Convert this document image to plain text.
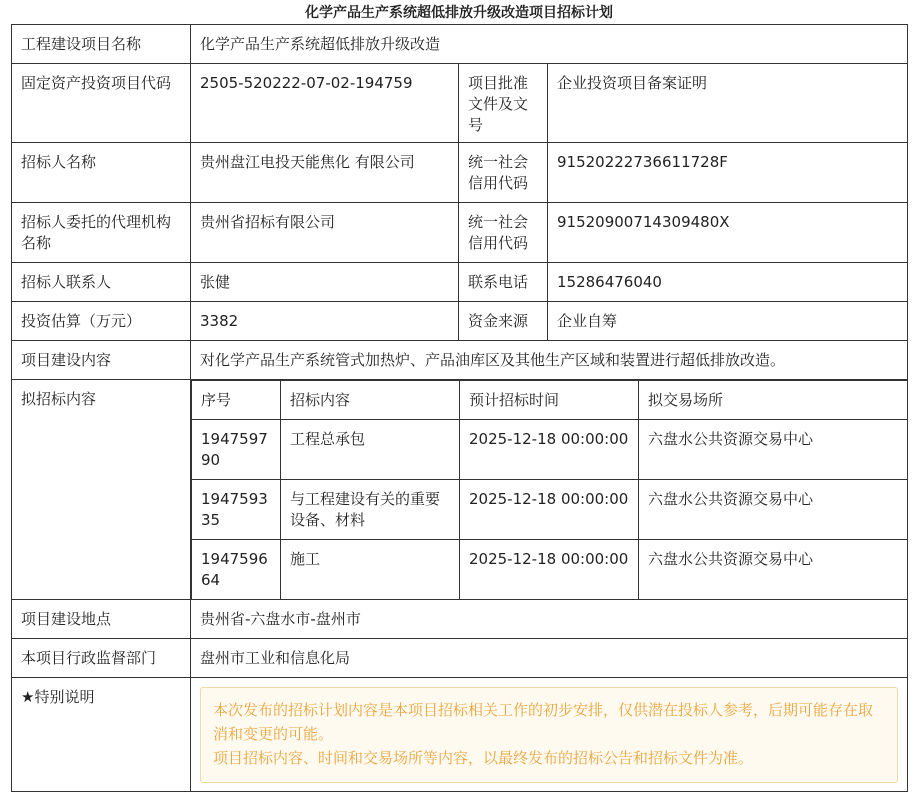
化学产品生产系统超低排放升级改造项目招标计划
工程建设项目名称	化学产品生产系统超低排放升级改造
固定资产投资项目代码	2505-520222-07-02-194759	项目批准文件及文号	企业投资项目备案证明
招标人名称	贵州盘江电投天能焦化 有限公司	统一社会信用代码	91520222736611728F
招标人委托的代理机构名称	贵州省招标有限公司	统一社会信用代码	91520900714309480X
招标人联系人	张健	联系电话	15286476040
投资估算（万元）	3382	资金来源	企业自筹
项目建设内容	对化学产品生产系统管式加热炉、产品油库区及其他生产区域和装置进行超低排放改造。
拟招标内容		序号	招标内容	预计招标时间	拟交易场所
194759790	工程总承包	2025-12-18 00:00:00	六盘水公共资源交易中心
194759335	与工程建设有关的重要设备、材料	2025-12-18 00:00:00	六盘水公共资源交易中心
194759664	施工	2025-12-18 00:00:00	六盘水公共资源交易中心

项目建设地点	贵州省-六盘水市-盘州市
本项目行政监督部门	盘州市工业和信息化局
★特别说明	
本次发布的招标计划内容是本项目招标相关工作的初步安排，仅供潜在投标人参考，后期可能存在取消和变更的可能。
项目招标内容、时间和交易场所等内容，以最终发布的招标公告和招标文件为准。
